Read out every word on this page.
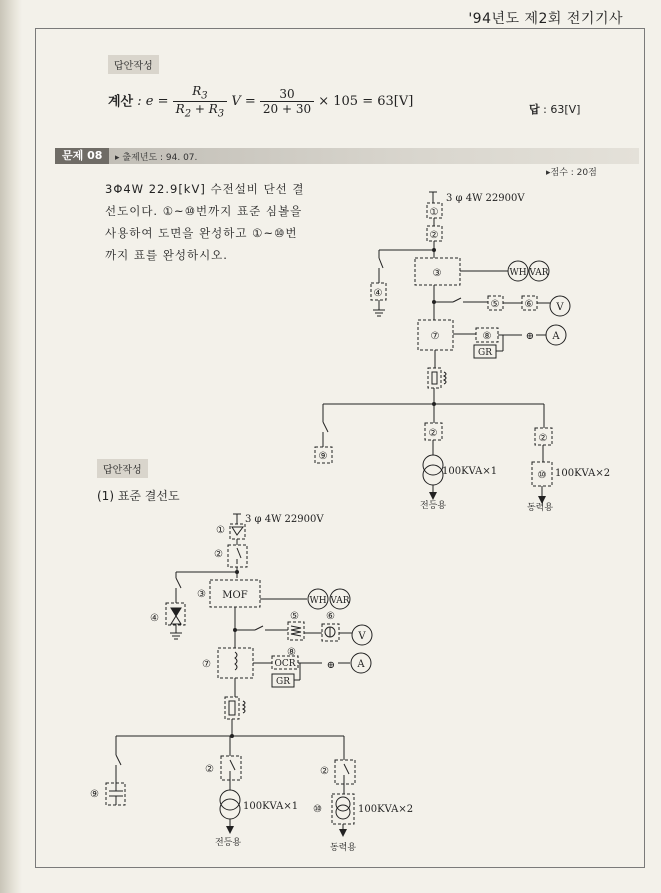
'94년도 제2회 전기기사
답안작성
계산 : $e = \frac{R_3}{R_2 + R_3}$ $V = \frac{30}{20 + 30} \times 105 = 63[V]$
답 : 63[V]
문제 08	▸ 출제년도 : 94. 07.
▸점수 : 20점
3Φ4W 22.9[kV] 수전설비 단선 결선도이다. ①~⑩번까지 표준 심볼을 사용하여 도면을 완성하고 ①~⑩번까지 표를 완성하시오.
답안작성
(1) 표준 결선도
3 φ 4W 22900V
①
②
④
③	WH VAR
⑤	⑥ V
⑦	⑧	⊕ A
GR
⑨
②
100KVA×1
전등용
②
⑩ 100KVA×2
동력용
3 φ 4W 22900V
①
②
④
③ MOF	WH VAR
⑤	⑥
V
⑦
⑧
OCR	⊕ A
GR
⑨
②
100KVA×1
전등용
②
⑩	100KVA×2
동력용
